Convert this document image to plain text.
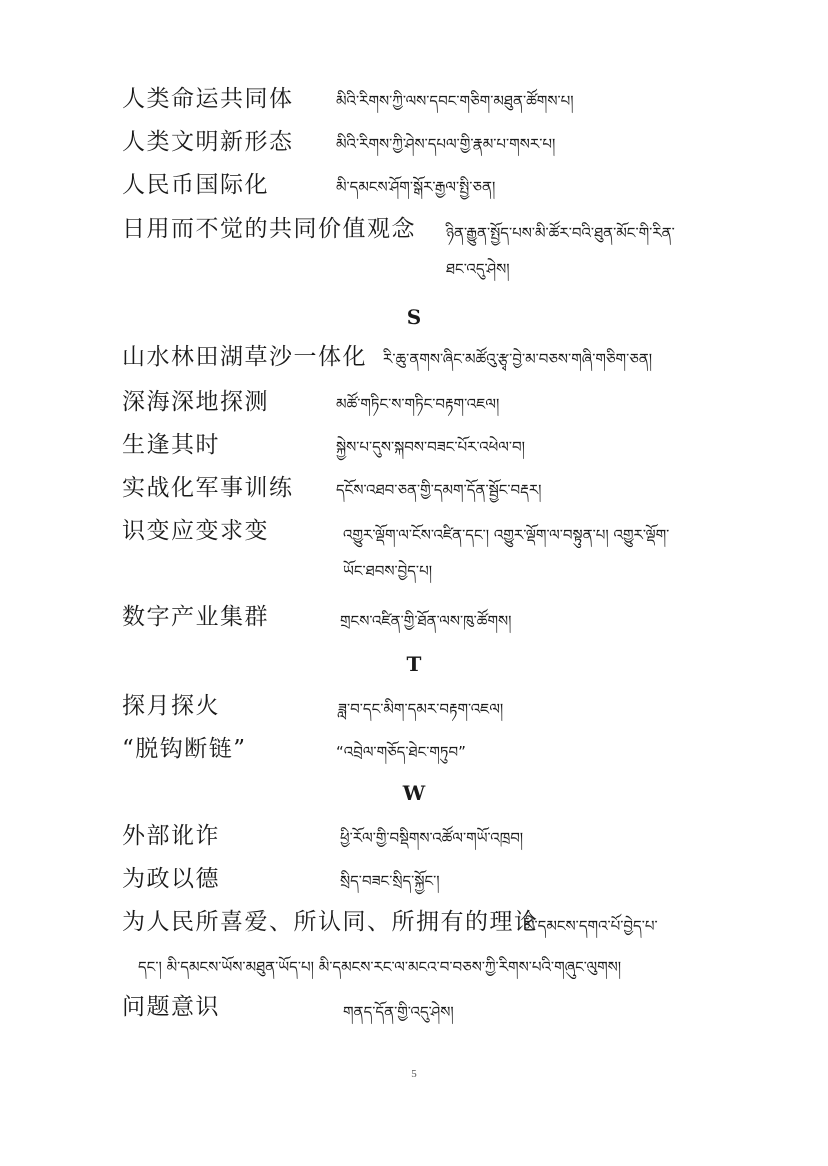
人类命运共同体	མིའི་རིགས་ཀྱི་ལས་དབང་གཅིག་མཐུན་ཚོགས་པ།
人类文明新形态	མིའི་རིགས་ཀྱི་ཤེས་དཔལ་གྱི་རྣམ་པ་གསར་པ།
人民币国际化	མི་དམངས་ཤོག་སྒོར་རྒྱལ་སྤྱི་ཅན།
日用而不觉的共同价值观念 ཉིན་རྒྱུན་སྤྱོད་པས་མི་ཚོར་བའི་ཐུན་མོང་གི་རིན་
ཐང་འདུ་ཤེས།
S
山水林田湖草沙一体化 རི་ཆུ་ནགས་ཞིང་མཚོའུ་རྩྭ་བྱེ་མ་བཅས་གཞི་གཅིག་ཅན།
深海深地探测	མཚོ་གཏིང་ས་གཏིང་བརྟག་འཇལ།
生逢其时	སྐྱེས་པ་དུས་སྐབས་བཟང་པོར་འཕེལ་བ།
实战化军事训练	དངོས་འཐབ་ཅན་གྱི་དམག་དོན་སྦྱོང་བརྡར།
识变应变求变	འགྱུར་ལྡོག་ལ་ངོས་འཛིན་དང་། འགྱུར་ལྡོག་ལ་བསྟུན་པ། འགྱུར་ལྡོག་
ཡོང་ཐབས་བྱེད་པ།
数字产业集群	གྲངས་འཛིན་གྱི་ཐོན་ལས་ཁུ་ཚོགས།
T
探月探火	ཟླ་བ་དང་མིག་དམར་བརྟག་འཇལ།
“脱钩断链”	“འབྲེལ་གཅོད་ཐེང་གཏུབ”
W
外部讹诈	ཕྱི་རོལ་གྱི་བསྡིགས་འཚོལ་གཡོ་འཁྲབ།
为政以德	སྲིད་བཟང་སྲིད་སྐྱོང་།
为人民所喜爱、所认同、所拥有的理论
མི་དམངས་དགའ་པོ་བྱེད་པ་
དང་། མི་དམངས་ཡོས་མཐུན་ཡོད་པ། མི་དམངས་རང་ལ་མངའ་བ་བཅས་ཀྱི་རིགས་པའི་གཞུང་ལུགས།
问题意识	གནད་དོན་གྱི་འདུ་ཤེས།
5
